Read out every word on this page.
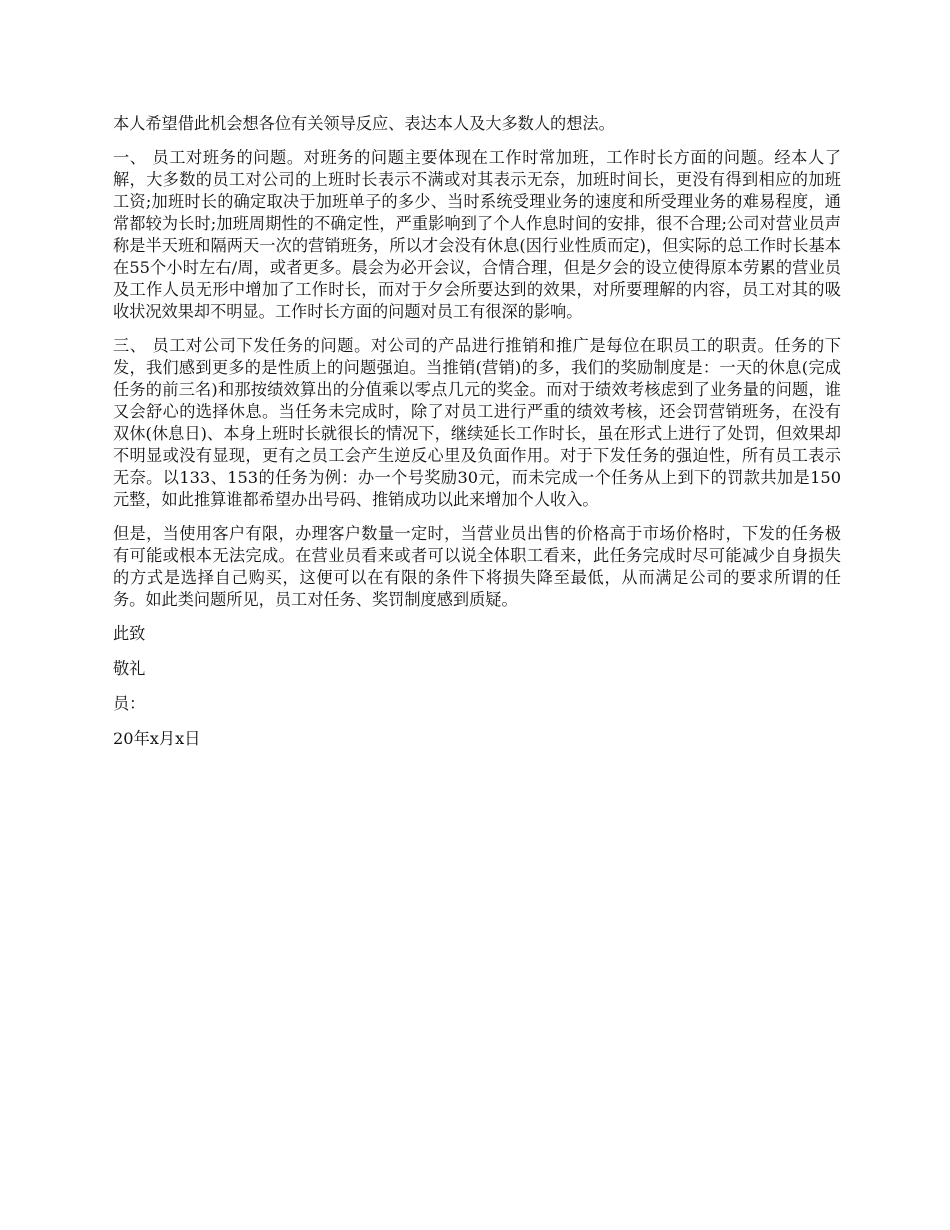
本人希望借此机会想各位有关领导反应、表达本人及大多数人的想法。

一、 员工对班务的问题。对班务的问题主要体现在工作时常加班，工作时长方面的问题。经本人了解，大多数的员工对公司的上班时长表示不满或对其表示无奈，加班时间长，更没有得到相应的加班工资;加班时长的确定取决于加班单子的多少、当时系统受理业务的速度和所受理业务的难易程度，通常都较为长时;加班周期性的不确定性，严重影响到了个人作息时间的安排，很不合理;公司对营业员声称是半天班和隔两天一次的营销班务，所以才会没有休息(因行业性质而定)，但实际的总工作时长基本在55个小时左右/周，或者更多。晨会为必开会议，合情合理，但是夕会的设立使得原本劳累的营业员及工作人员无形中增加了工作时长，而对于夕会所要达到的效果，对所要理解的内容，员工对其的吸收状况效果却不明显。工作时长方面的问题对员工有很深的影响。

三、 员工对公司下发任务的问题。对公司的产品进行推销和推广是每位在职员工的职责。任务的下发，我们感到更多的是性质上的问题强迫。当推销(营销)的多，我们的奖励制度是：一天的休息(完成任务的前三名)和那按绩效算出的分值乘以零点几元的奖金。而对于绩效考核虑到了业务量的问题，谁又会舒心的选择休息。当任务未完成时，除了对员工进行严重的绩效考核，还会罚营销班务，在没有双休(休息日)、本身上班时长就很长的情况下，继续延长工作时长，虽在形式上进行了处罚，但效果却不明显或没有显现，更有之员工会产生逆反心里及负面作用。对于下发任务的强迫性，所有员工表示无奈。以133、153的任务为例：办一个号奖励30元，而未完成一个任务从上到下的罚款共加是150元整，如此推算谁都希望办出号码、推销成功以此来增加个人收入。

但是，当使用客户有限，办理客户数量一定时，当营业员出售的价格高于市场价格时，下发的任务极有可能或根本无法完成。在营业员看来或者可以说全体职工看来，此任务完成时尽可能减少自身损失的方式是选择自己购买，这便可以在有限的条件下将损失降至最低，从而满足公司的要求所谓的任务。如此类问题所见，员工对任务、奖罚制度感到质疑。

此致

敬礼

员：

20年x月x日
